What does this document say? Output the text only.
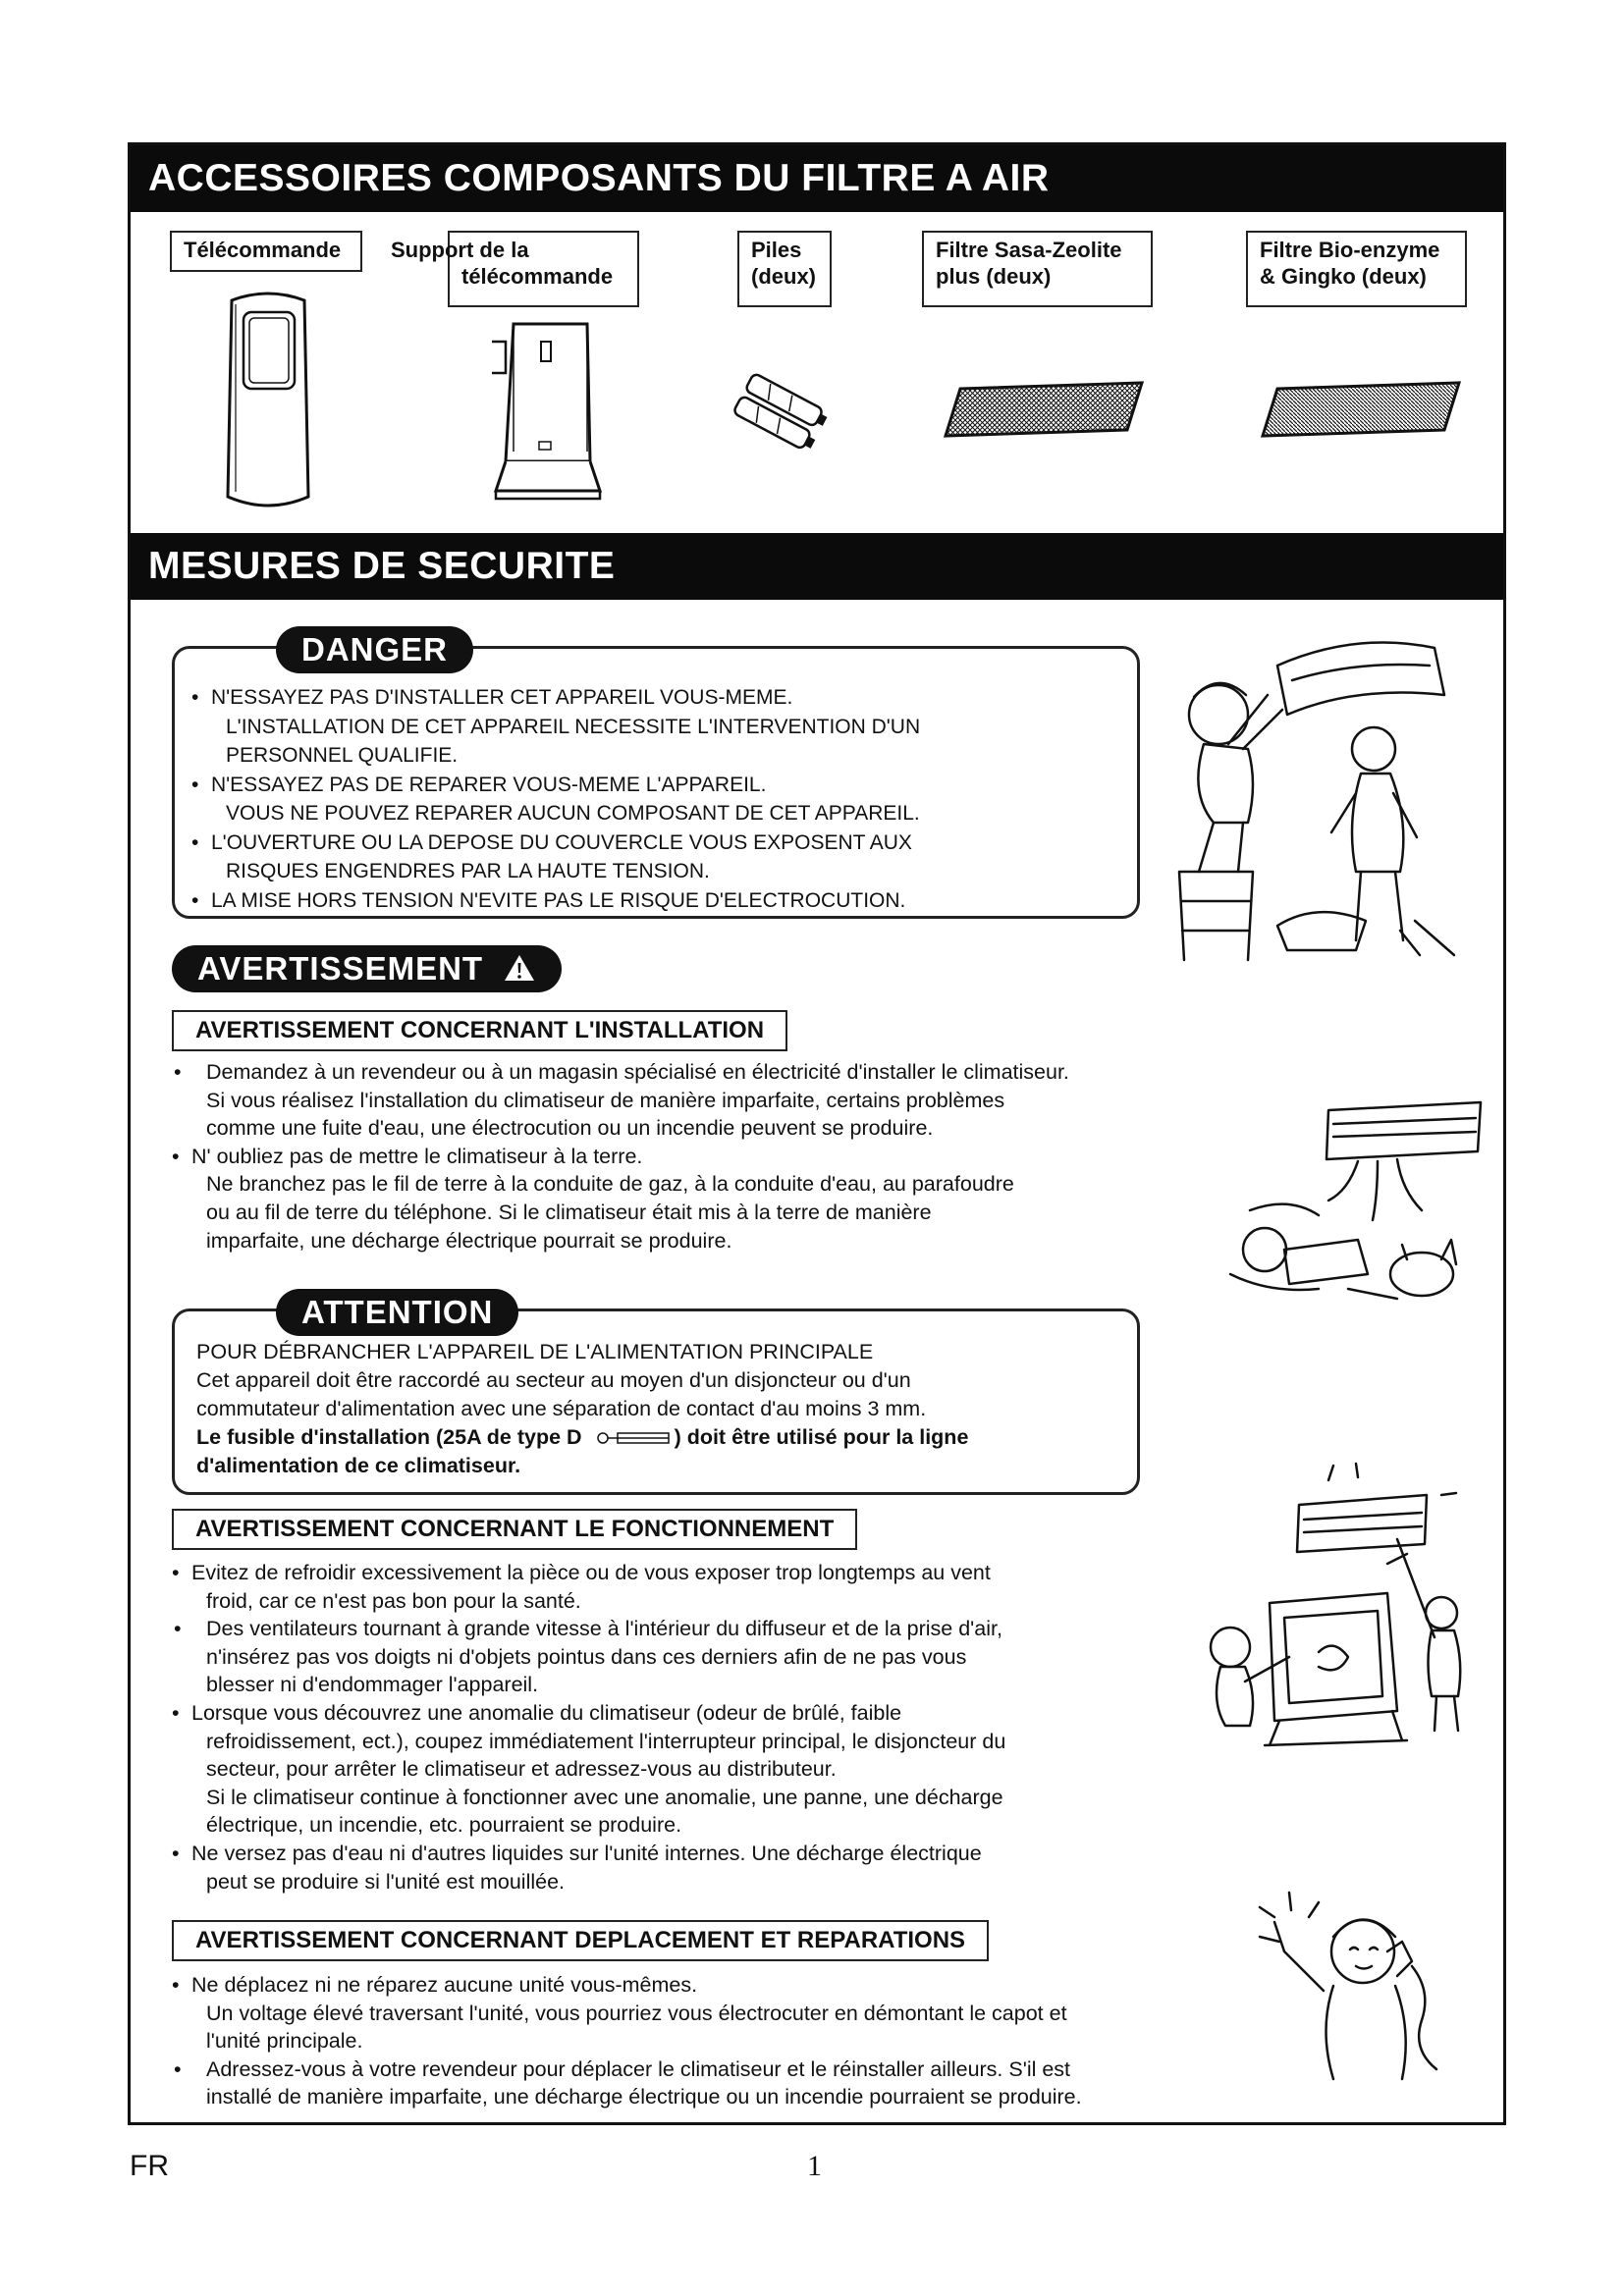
ACCESSOIRES COMPOSANTS DU FILTRE A AIR
Télécommande	Support de la
télécommande
Piles
(deux)
Filtre Sasa-Zeolite
plus (deux)
Filtre Bio-enzyme
& Gingko (deux)
MESURES DE SECURITE
DANGER
• N'ESSAYEZ PAS D'INSTALLER CET APPAREIL VOUS-MEME.
L'INSTALLATION DE CET APPAREIL NECESSITE L'INTERVENTION D'UN
PERSONNEL QUALIFIE.
• N'ESSAYEZ PAS DE REPARER VOUS-MEME L'APPAREIL.
VOUS NE POUVEZ REPARER AUCUN COMPOSANT DE CET APPAREIL.
• L'OUVERTURE OU LA DEPOSE DU COUVERCLE VOUS EXPOSENT AUX
RISQUES ENGENDRES PAR LA HAUTE TENSION.
• LA MISE HORS TENSION N'EVITE PAS LE RISQUE D'ELECTROCUTION.
AVERTISSEMENT
AVERTISSEMENT CONCERNANT L'INSTALLATION
• Demandez à un revendeur ou à un magasin spécialisé en électricité d'installer le climatiseur.
Si vous réalisez l'installation du climatiseur de manière imparfaite, certains problèmes
comme une fuite d'eau, une électrocution ou un incendie peuvent se produire.
• N' oubliez pas de mettre le climatiseur à la terre.
Ne branchez pas le fil de terre à la conduite de gaz, à la conduite d'eau, au parafoudre
ou au fil de terre du téléphone. Si le climatiseur était mis à la terre de manière
imparfaite, une décharge électrique pourrait se produire.
ATTENTION
POUR DÉBRANCHER L'APPAREIL DE L'ALIMENTATION PRINCIPALE
Cet appareil doit être raccordé au secteur au moyen d'un disjoncteur ou d'un
commutateur d'alimentation avec une séparation de contact d'au moins 3 mm.
Le fusible d'installation (25A de type D	) doit être utilisé pour la ligne
d'alimentation de ce climatiseur.
AVERTISSEMENT CONCERNANT LE FONCTIONNEMENT
• Evitez de refroidir excessivement la pièce ou de vous exposer trop longtemps au vent
froid, car ce n'est pas bon pour la santé.
• Des ventilateurs tournant à grande vitesse à l'intérieur du diffuseur et de la prise d'air,
n'insérez pas vos doigts ni d'objets pointus dans ces derniers afin de ne pas vous
blesser ni d'endommager l'appareil.
• Lorsque vous découvrez une anomalie du climatiseur (odeur de brûlé, faible
refroidissement, ect.), coupez immédiatement l'interrupteur principal, le disjoncteur du
secteur, pour arrêter le climatiseur et adressez-vous au distributeur.
Si le climatiseur continue à fonctionner avec une anomalie, une panne, une décharge
électrique, un incendie, etc. pourraient se produire.
• Ne versez pas d'eau ni d'autres liquides sur l'unité internes. Une décharge électrique
peut se produire si l'unité est mouillée.
AVERTISSEMENT CONCERNANT DEPLACEMENT ET REPARATIONS
• Ne déplacez ni ne réparez aucune unité vous-mêmes.
Un voltage élevé traversant l'unité, vous pourriez vous électrocuter en démontant le capot et
l'unité principale.
• Adressez-vous à votre revendeur pour déplacer le climatiseur et le réinstaller ailleurs. S'il est
installé de manière imparfaite, une décharge électrique ou un incendie pourraient se produire.
FR	1
